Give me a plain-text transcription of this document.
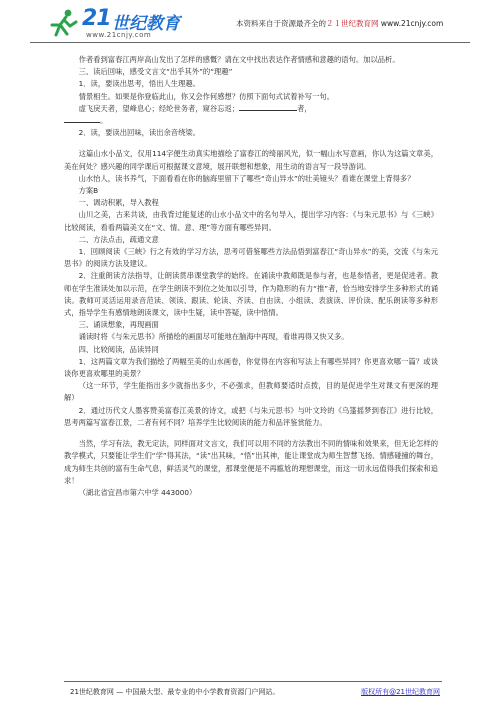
21 世纪教育
www.21cnjy.com
本资料来自于资源最齐全的２１世纪教育网 www.21cnjy.com

作者看到富春江两岸高山发出了怎样的感慨？请在文中找出表达作者情感和意趣的语句。加以品析。

三、读后回味，感受文言文“出乎其外”的“理趣”

1．读，要读出思考，悟出人生理趣。

情景相生。如果是你登临此山，你又会作何感想？仿照下面句式试着补写一句。

虚飞戾天者，望峰息心；经纶世务者，窥谷忘返；	者，

。

2．读，要读出回味，读出余音绕梁。

这篇山水小品文，仅用114字便生动真实地描绘了富春江的绮丽风光，似一幅山水写意画，你认为这篇文章美，美在何处？感兴趣的同学课后可根据课文意境，展开联想和想象，用生动的语言写一段导游词。

山水怡人，读书养气，下面看看在你的脑海里留下了哪些“奇山异水”的壮美镜头？看谁在课堂上背得多？

方案B

一、调动积累，导入教程

山川之美，古来共谈，由我背过能复述的山水小品文中的名句导入，提出学习内容：《与朱元思书》与《三峡》比较阅读，看看两篇美文在“文、情、意、理”等方面有哪些异同。

二、方法点击，疏通文意

1．回顾阅读《三峡》行之有效的学习方法，思考可借鉴哪些方法品悟到富春江“奇山异水”的美，交流《与朱元思书》的阅读方法及建议。

2．注重朗读方法指导，让朗读贯串课堂教学的始终。在诵读中教师既是参与者，也是参悟者，更是促进者。教师在学生准读处加以示范，在学生朗读不到位之处加以引导，作为隐形的有力“推”者，恰当地安排学生多种形式的诵读。教师可灵活运用录音范读、领读、跟读、轮读、齐读、自由读、小组读、表演读、评价读、配乐朗读等多种形式，指导学生有感情地朗读课文，读中生疑，读中答疑，读中悟情。

三、诵读想象，再现画面

诵读时将《与朱元思书》所描绘的画面尽可能地在脑海中再现，看谁再得又快又多。

四、比较阅读，品读异同

1．这两篇文章为我们描绘了两幅至美的山水画卷，你觉得在内容和写法上有哪些异同？你更喜欢哪一篇？或谈谈你更喜欢哪里的美景？

（这一环节，学生能指出多少就指出多少，不必强求，但教师要适时点拨，目的是促进学生对课文有更深的理解）

2．通过历代文人墨客赞美富春江美景的诗文，或把《与朱元思书》与叶文玲的《乌篷摇梦到春江》进行比较，思考两篇写富春江景，二者有何不同？培养学生比较阅读的能力和品评鉴赏能力。

当然，学习有法，教无定法，同样面对文言文，我们可以用不同的方法教出不同的情味和效果来，但无论怎样的教学模式，只要能让学生们“学”得其法，“读”出其味，“悟”出其神，能让课堂成为师生智慧飞扬、情感碰撞的舞台，成为师生共创的富有生命气息，鲜活灵气的课堂，那课堂便是不再尴尬的理想课堂，而这一切永远值得我们探索和追求！

（湖北省宜昌市第六中学 443000）

21世纪教育网 — 中国最大型、最专业的中小学教育资源门户网站。	版权所有@21世纪教育网
